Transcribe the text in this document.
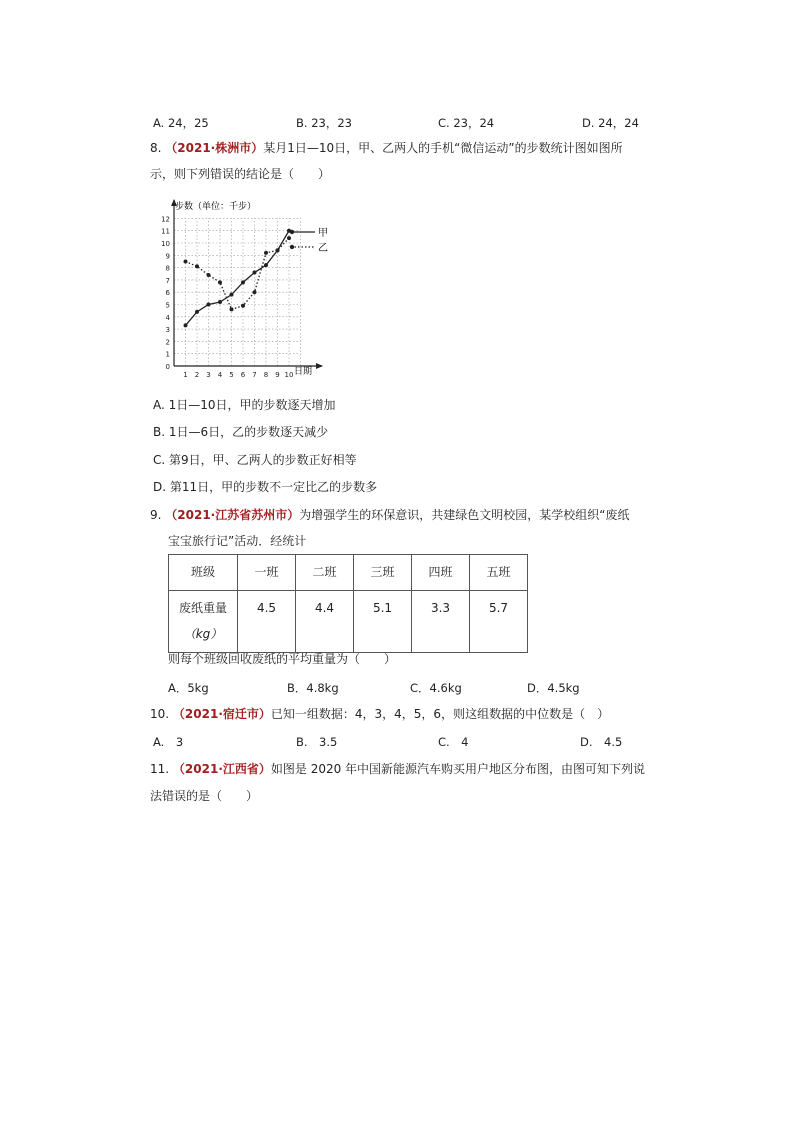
A. 24，25	B. 23，23	C. 23，24	D. 24，24
8. （2021·株洲市）某月1日—10日，甲、乙两人的手机“微信运动”的步数统计图如图所
示，则下列错误的结论是（　　）
0
1
2
3
4
5
6
7
8
9
10
11
12
1 2 3 4 5 6 7 8 9 10
步数（单位：千步）
日期
甲
乙
A. 1日—10日，甲的步数逐天增加
B. 1日—6日，乙的步数逐天减少
C. 第9日，甲、乙两人的步数正好相等
D. 第11日，甲的步数不一定比乙的步数多
9. （2021·江苏省苏州市）为增强学生的环保意识，共建绿色文明校园，某学校组织“废纸
宝宝旅行记”活动．经统计
班级	一班	二班	三班	四班	五班

废纸重量
（kg）	4.5	4.4	5.1	3.3	5.7
则每个班级回收废纸的平均重量为（　　）
A．5kg	B．4.8kg	C．4.6kg	D．4.5kg
10. （2021·宿迁市）已知一组数据：4，3，4，5，6，则这组数据的中位数是（　）
A.　3	B.　3.5	C.　4	D.　4.5
11. （2021·江西省）如图是 2020 年中国新能源汽车购买用户地区分布图，由图可知下列说
法错误的是（　　）
